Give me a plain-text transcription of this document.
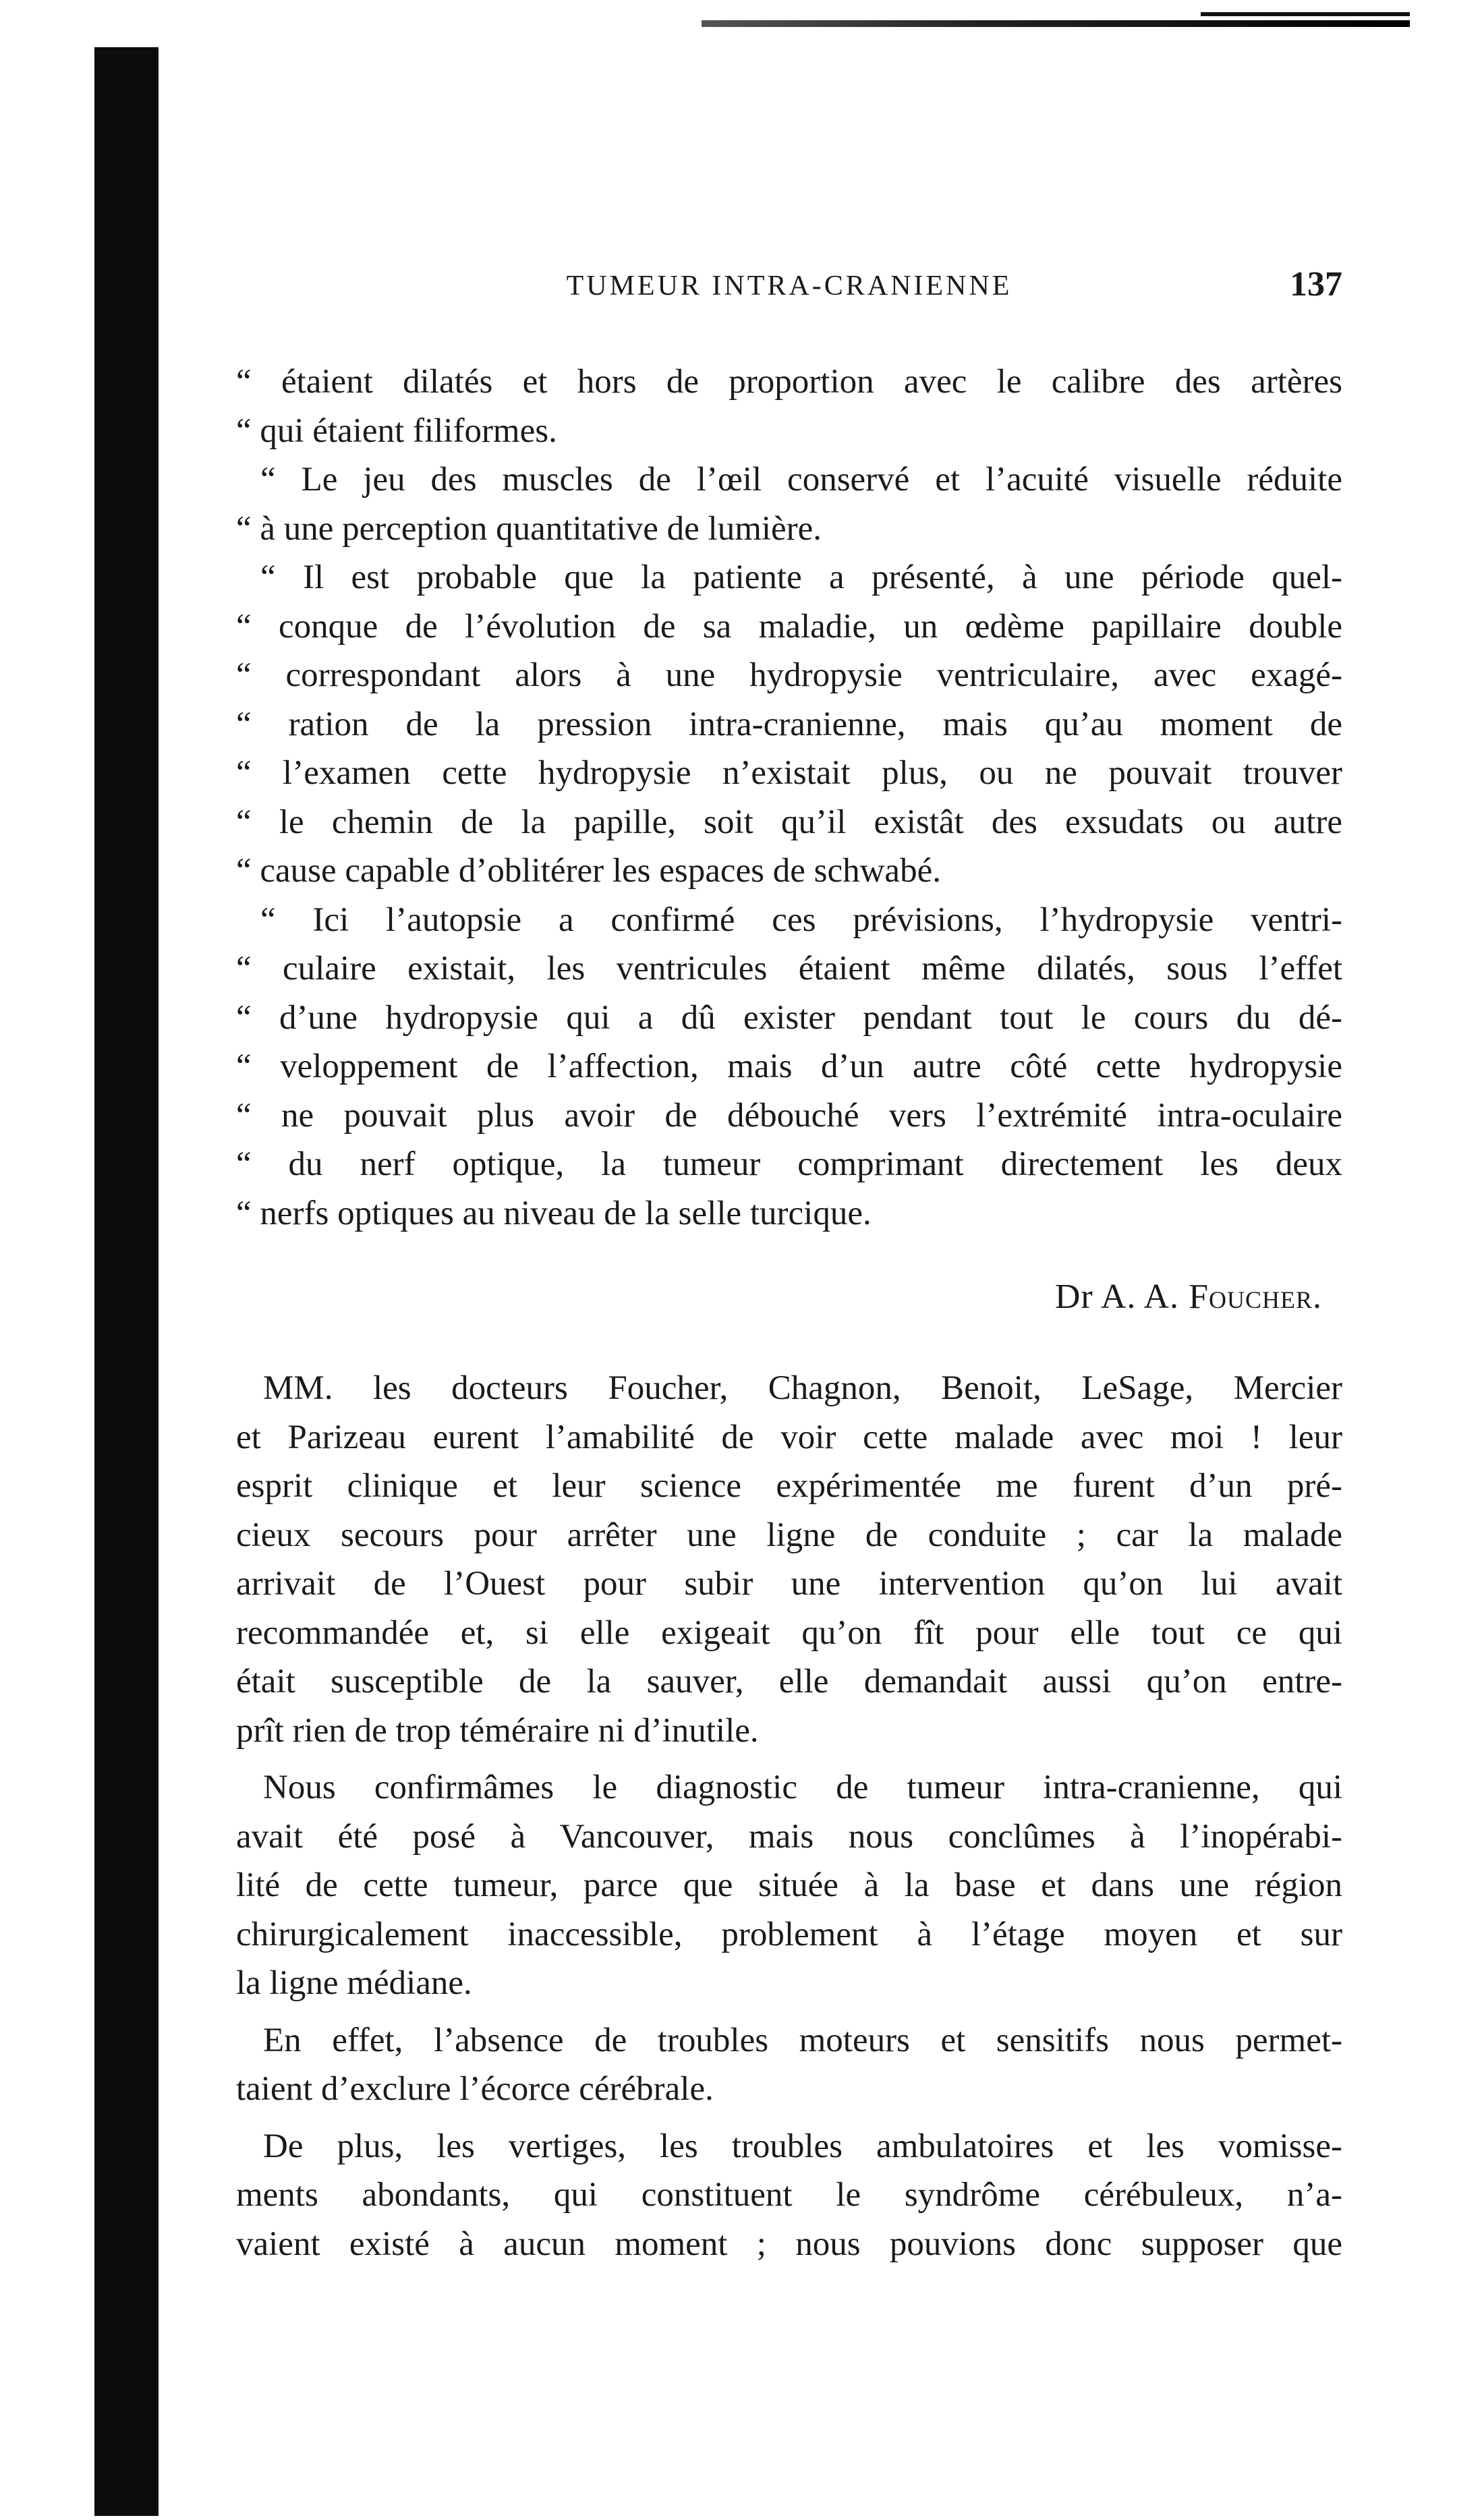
TUMEUR INTRA-CRANIENNE	137
“ étaient dilatés et hors de proportion avec le calibre des artères
“ qui étaient filiformes.
“ Le jeu des muscles de l’œil conservé et l’acuité visuelle réduite
“ à une perception quantitative de lumière.
“ Il est probable que la patiente a présenté, à une période quel-
“ conque de l’évolution de sa maladie, un œdème papillaire double
“ correspondant alors à une hydropysie ventriculaire, avec exagé-
“ ration de la pression intra-cranienne, mais qu’au moment de
“ l’examen cette hydropysie n’existait plus, ou ne pouvait trouver
“ le chemin de la papille, soit qu’il existât des exsudats ou autre
“ cause capable d’oblitérer les espaces de schwabé.
“ Ici l’autopsie a confirmé ces prévisions, l’hydropysie ventri-
“ culaire existait, les ventricules étaient même dilatés, sous l’effet
“ d’une hydropysie qui a dû exister pendant tout le cours du dé-
“ veloppement de l’affection, mais d’un autre côté cette hydropysie
“ ne pouvait plus avoir de débouché vers l’extrémité intra-oculaire
“ du nerf optique, la tumeur comprimant directement les deux
“ nerfs optiques au niveau de la selle turcique.
Dr A. A. Foucher.

MM. les docteurs Foucher, Chagnon, Benoit, LeSage, Mercier
et Parizeau eurent l’amabilité de voir cette malade avec moi ! leur
esprit clinique et leur science expérimentée me furent d’un pré-
cieux secours pour arrêter une ligne de conduite ; car la malade
arrivait de l’Ouest pour subir une intervention qu’on lui avait
recommandée et, si elle exigeait qu’on fît pour elle tout ce qui
était susceptible de la sauver, elle demandait aussi qu’on entre-
prît rien de trop téméraire ni d’inutile.

Nous confirmâmes le diagnostic de tumeur intra-cranienne, qui
avait été posé à Vancouver, mais nous conclûmes à l’inopérabi-
lité de cette tumeur, parce que située à la base et dans une région
chirurgicalement inaccessible, problement à l’étage moyen et sur
la ligne médiane.

En effet, l’absence de troubles moteurs et sensitifs nous permet-
taient d’exclure l’écorce cérébrale.

De plus, les vertiges, les troubles ambulatoires et les vomisse-
ments abondants, qui constituent le syndrôme cérébuleux, n’a-
vaient existé à aucun moment ; nous pouvions donc supposer que
